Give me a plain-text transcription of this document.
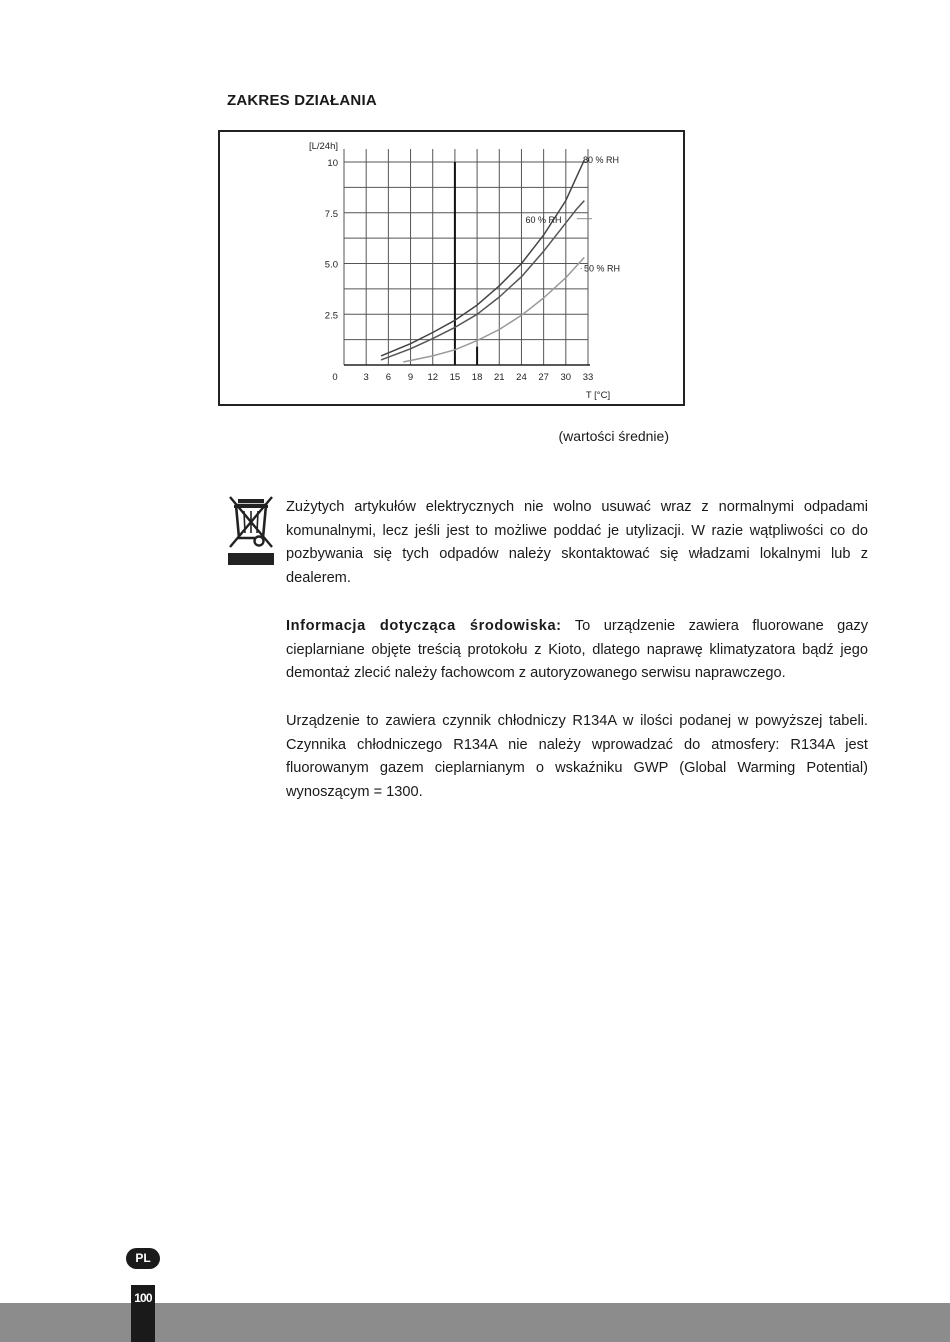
ZAKRES DZIAŁANIA
3 6 9 12 15 18 21 24 27 30 33
0
2.5
5.0
7.5
10
[L/24h]
T [°C]
80 % RH
60 % RH
50 % RH

(wartości średnie)

Zużytych artykułów elektrycznych nie wolno usuwać wraz z normalnymi odpadami komunalnymi, lecz jeśli jest to możliwe poddać je utylizacji. W razie wątpliwości co do pozbywania się tych odpadów należy skontaktować się władzami lokalnymi lub z dealerem.

Informacja dotycząca środowiska: To urządzenie zawiera fluorowane gazy cieplarniane objęte treścią protokołu z Kioto, dlatego naprawę klimatyzatora bądź jego demontaż zlecić należy fachowcom z autoryzowanego serwisu naprawczego.

Urządzenie to zawiera czynnik chłodniczy R134A w ilości podanej w powyższej tabeli. Czynnika chłodniczego R134A nie należy wprowadzać do atmosfery: R134A jest fluorowanym gazem cieplarnianym o wskaźniku GWP (Global Warming Potential) wynoszącym = 1300.

PL
100
